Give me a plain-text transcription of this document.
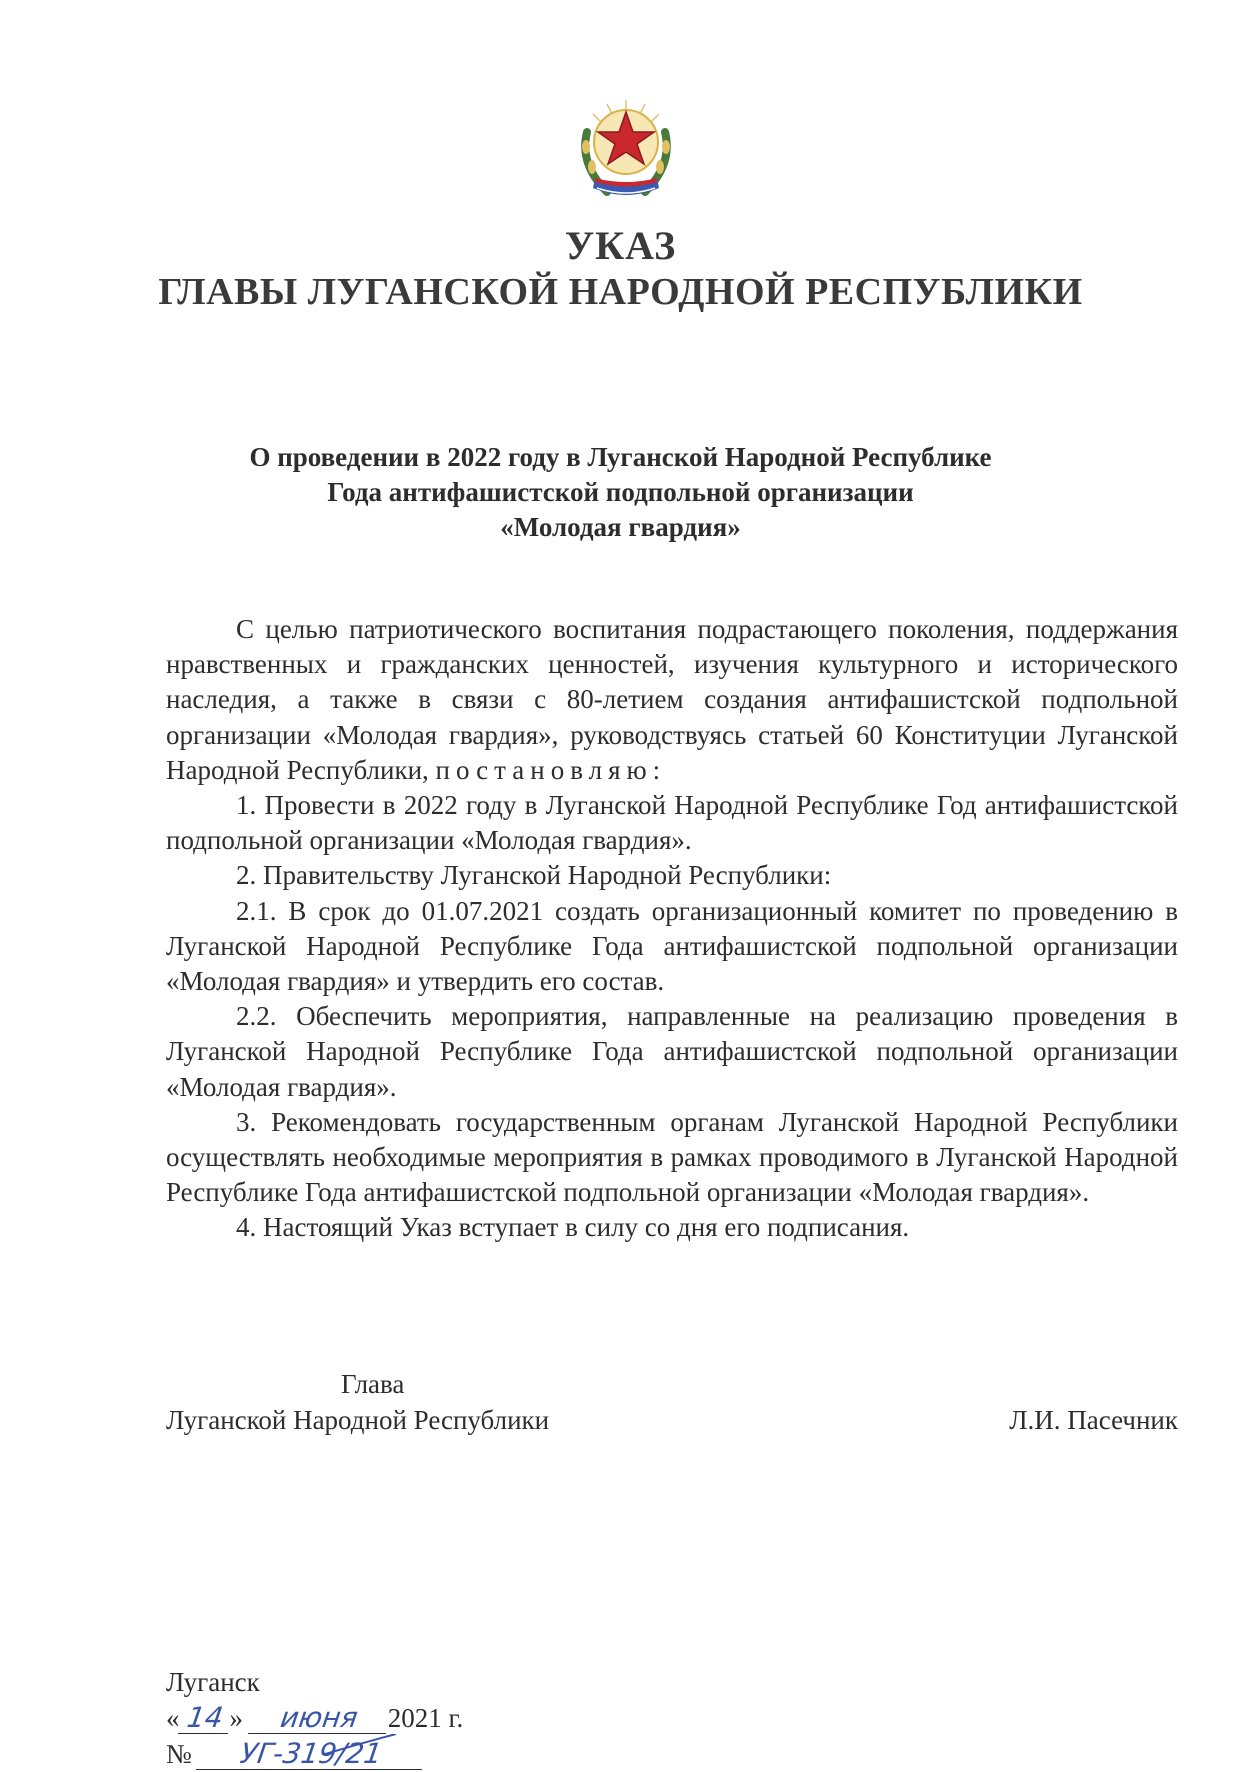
УКАЗ
ГЛАВЫ ЛУГАНСКОЙ НАРОДНОЙ РЕСПУБЛИКИ
О проведении в 2022 году в Луганской Народной Республике
Года антифашистской подпольной организации
«Молодая гвардия»

С целью патриотического воспитания подрастающего поколения, поддержания нравственных и гражданских ценностей, изучения культурного и исторического наследия, а также в связи с 80-летием создания антифашистской подпольной организации «Молодая гвардия», руководствуясь статьей 60 Конституции Луганской Народной Республики, постановляю:

1. Провести в 2022 году в Луганской Народной Республике Год антифашистской подпольной организации «Молодая гвардия».

2. Правительству Луганской Народной Республики:

2.1. В срок до 01.07.2021 создать организационный комитет по проведению в Луганской Народной Республике Года антифашистской подпольной организации «Молодая гвардия» и утвердить его состав.

2.2. Обеспечить мероприятия, направленные на реализацию проведения в Луганской Народной Республике Года антифашистской подпольной организации «Молодая гвардия».

3. Рекомендовать государственным органам Луганской Народной Республики осуществлять необходимые мероприятия в рамках проводимого в Луганской Народной Республике Года антифашистской подпольной организации «Молодая гвардия».

4. Настоящий Указ вступает в силу со дня его подписания.

Глава
Луганской Народной Республики	Л.И. Пасечник
Луганск
« 14 » июня 2021 г.
№ УГ-319/21
